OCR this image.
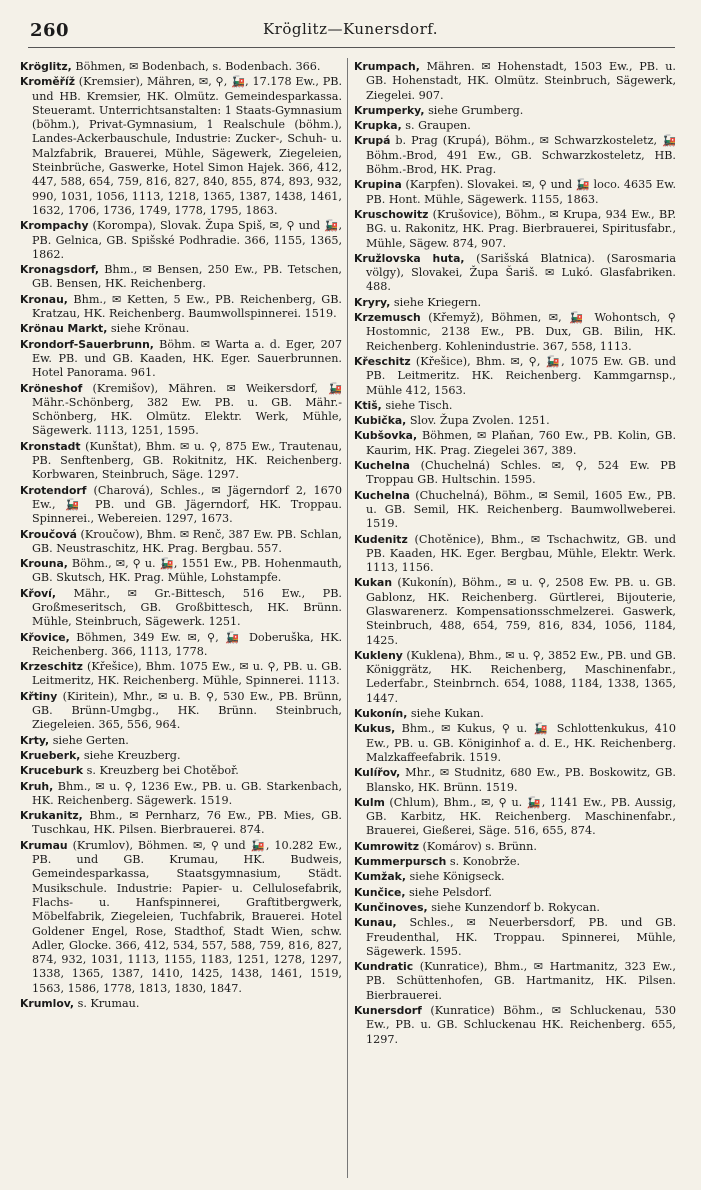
260	Kröglitz—Kunersdorf.

Kröglitz, Böhmen, ✉ Bodenbach, s. Bodenbach. 366.

Kroměříž (Kremsier), Mähren, ✉, ⚲, 🚂, 17.178 Ew., PB. und HB. Kremsier, HK. Olmütz. Gemeindesparkassa. Steueramt. Unterrichtsanstalten: 1 Staats-Gymnasium (böhm.), Privat-Gymnasium, 1 Realschule (böhm.), Landes-Ackerbauschule, Industrie: Zucker-, Schuh- u. Malzfabrik, Brauerei, Mühle, Sägewerk, Ziegeleien, Steinbrüche, Gaswerke, Hotel Simon Hajek. 366, 412, 447, 588, 654, 759, 816, 827, 840, 855, 874, 893, 932, 990, 1031, 1056, 1113, 1218, 1365, 1387, 1438, 1461, 1632, 1706, 1736, 1749, 1778, 1795, 1863.

Krompachy (Korompa), Slovak. Župa Spiš, ✉, ⚲ und 🚂, PB. Gelnica, GB. Spišské Podhradie. 366, 1155, 1365, 1862.

Kronagsdorf, Bhm., ✉ Bensen, 250 Ew., PB. Tetschen, GB. Bensen, HK. Reichenberg.

Kronau, Bhm., ✉ Ketten, 5 Ew., PB. Reichenberg, GB. Kratzau, HK. Reichenberg. Baumwollspinnerei. 1519.

Krönau Markt, siehe Krönau.

Krondorf-Sauerbrunn, Böhm. ✉ Warta a. d. Eger, 207 Ew. PB. und GB. Kaaden, HK. Eger. Sauerbrunnen. Hotel Panorama. 961.

Kröneshof (Kremišov), Mähren. ✉ Weikersdorf, 🚂 Mähr.-Schönberg, 382 Ew. PB. u. GB. Mähr.-Schönberg, HK. Olmütz. Elektr. Werk, Mühle, Sägewerk. 1113, 1251, 1595.

Kronstadt (Kunštat), Bhm. ✉ u. ⚲, 875 Ew., Trautenau, PB. Senftenberg, GB. Rokitnitz, HK. Reichenberg. Korbwaren, Steinbruch, Säge. 1297.

Krotendorf (Charová), Schles., ✉ Jägerndorf 2, 1670 Ew., 🚂 PB. und GB. Jägerndorf, HK. Troppau. Spinnerei., Webereien. 1297, 1673.

Kroučová (Kroučow), Bhm. ✉ Renč, 387 Ew. PB. Schlan, GB. Neustraschitz, HK. Prag. Bergbau. 557.

Krouna, Böhm., ✉, ⚲ u. 🚂, 1551 Ew., PB. Hohenmauth, GB. Skutsch, HK. Prag. Mühle, Lohstampfe.

Křoví, Mähr., ✉ Gr.-Bittesch, 516 Ew., PB. Großmeseritsch, GB. Großbittesch, HK. Brünn. Mühle, Steinbruch, Sägewerk. 1251.

Křovice, Böhmen, 349 Ew. ✉, ⚲, 🚂 Doberuška, HK. Reichenberg. 366, 1113, 1778.

Krzeschitz (Křešice), Bhm. 1075 Ew., ✉ u. ⚲, PB. u. GB. Leitmeritz, HK. Reichenberg. Mühle, Spinnerei. 1113.

Křtiny (Kiritein), Mhr., ✉ u. B. ⚲, 530 Ew., PB. Brünn, GB. Brünn-Umgbg., HK. Brünn. Steinbruch, Ziegeleien. 365, 556, 964.

Krty, siehe Gerten.

Krueberk, siehe Kreuzberg.

Kruceburk s. Kreuzberg bei Chotěboř.

Kruh, Bhm., ✉ u. ⚲, 1236 Ew., PB. u. GB. Starkenbach, HK. Reichenberg. Sägewerk. 1519.

Krukanitz, Bhm., ✉ Pernharz, 76 Ew., PB. Mies, GB. Tuschkau, HK. Pilsen. Bierbrauerei. 874.

Krumau (Krumlov), Böhmen. ✉, ⚲ und 🚂, 10.282 Ew., PB. und GB. Krumau, HK. Budweis, Gemeindesparkassa, Staatsgymnasium, Städt. Musikschule. Industrie: Papier- u. Cellulosefabrik, Flachs- u. Hanfspinnerei, Graftitbergwerk, Möbelfabrik, Ziegeleien, Tuchfabrik, Brauerei. Hotel Goldener Engel, Rose, Stadthof, Stadt Wien, schw. Adler, Glocke. 366, 412, 534, 557, 588, 759, 816, 827, 874, 932, 1031, 1113, 1155, 1183, 1251, 1278, 1297, 1338, 1365, 1387, 1410, 1425, 1438, 1461, 1519, 1563, 1586, 1778, 1813, 1830, 1847.

Krumlov, s. Krumau.

Krumpach, Mähren. ✉ Hohenstadt, 1503 Ew., PB. u. GB. Hohenstadt, HK. Olmütz. Steinbruch, Sägewerk, Ziegelei. 907.

Krumperky, siehe Grumberg.

Krupka, s. Graupen.

Krupá b. Prag (Krupá), Böhm., ✉ Schwarzkosteletz, 🚂 Böhm.-Brod, 491 Ew., GB. Schwarzkosteletz, HB. Böhm.-Brod, HK. Prag.

Krupina (Karpfen). Slovakei. ✉, ⚲ und 🚂 loco. 4635 Ew. PB. Hont. Mühle, Sägewerk. 1155, 1863.

Kruschowitz (Krušovice), Böhm., ✉ Krupa, 934 Ew., BP. BG. u. Rakonitz, HK. Prag. Bierbrauerei, Spiritusfabr., Mühle, Sägew. 874, 907.

Kružlovska huta, (Sarišská Blatnica). (Sarosmaria völgy), Slovakei, Župa Šariš. ✉ Lukó. Glasfabriken. 488.

Kryry, siehe Kriegern.

Krzemusch (Křemyž), Böhmen, ✉, 🚂 Wohontsch, ⚲ Hostomnic, 2138 Ew., PB. Dux, GB. Bilin, HK. Reichenberg. Kohlenindustrie. 367, 558, 1113.

Křeschitz (Křešice), Bhm. ✉, ⚲, 🚂, 1075 Ew. GB. und PB. Leitmeritz. HK. Reichenberg. Kammgarnsp., Mühle 412, 1563.

Ktiš, siehe Tisch.

Kubička, Slov. Župa Zvolen. 1251.

Kubšovka, Böhmen, ✉ Plaňan, 760 Ew., PB. Kolin, GB. Kaurim, HK. Prag. Ziegelei 367, 389.

Kuchelna (Chuchelná) Schles. ✉, ⚲, 524 Ew. PB Troppau GB. Hultschin. 1595.

Kuchelna (Chuchelná), Böhm., ✉ Semil, 1605 Ew., PB. u. GB. Semil, HK. Reichenberg. Baumwollweberei. 1519.

Kudenitz (Chotěnice), Bhm., ✉ Tschachwitz, GB. und PB. Kaaden, HK. Eger. Bergbau, Mühle, Elektr. Werk. 1113, 1156.

Kukan (Kukonín), Böhm., ✉ u. ⚲, 2508 Ew. PB. u. GB. Gablonz, HK. Reichenberg. Gürtlerei, Bijouterie, Glaswarenerz. Kompensationsschmelzerei. Gaswerk, Steinbruch, 488, 654, 759, 816, 834, 1056, 1184, 1425.

Kukleny (Kuklena), Bhm., ✉ u. ⚲, 3852 Ew., PB. und GB. Königgrätz, HK. Reichenberg, Maschinenfabr., Lederfabr., Steinbrnch. 654, 1088, 1184, 1338, 1365, 1447.

Kukonín, siehe Kukan.

Kukus, Bhm., ✉ Kukus, ⚲ u. 🚂 Schlottenkukus, 410 Ew., PB. u. GB. Königinhof a. d. E., HK. Reichenberg. Malzkaffeefabrik. 1519.

Kulířov, Mhr., ✉ Studnitz, 680 Ew., PB. Boskowitz, GB. Blansko, HK. Brünn. 1519.

Kulm (Chlum), Bhm., ✉, ⚲ u. 🚂, 1141 Ew., PB. Aussig, GB. Karbitz, HK. Reichenberg. Maschinenfabr., Brauerei, Gießerei, Säge. 516, 655, 874.

Kumrowitz (Komárov) s. Brünn.

Kummerpursch s. Konobrže.

Kumžak, siehe Königseck.

Kunčice, siehe Pelsdorf.

Kunčinoves, siehe Kunzendorf b. Rokycan.

Kunau, Schles., ✉ Neuerbersdorf, PB. und GB. Freudenthal, HK. Troppau. Spinnerei, Mühle, Sägewerk. 1595.

Kundratic (Kunratice), Bhm., ✉ Hartmanitz, 323 Ew., PB. Schüttenhofen, GB. Hartmanitz, HK. Pilsen. Bierbrauerei.

Kunersdorf (Kunratice) Böhm., ✉ Schluckenau, 530 Ew., PB. u. GB. Schluckenau HK. Reichenberg. 655, 1297.
